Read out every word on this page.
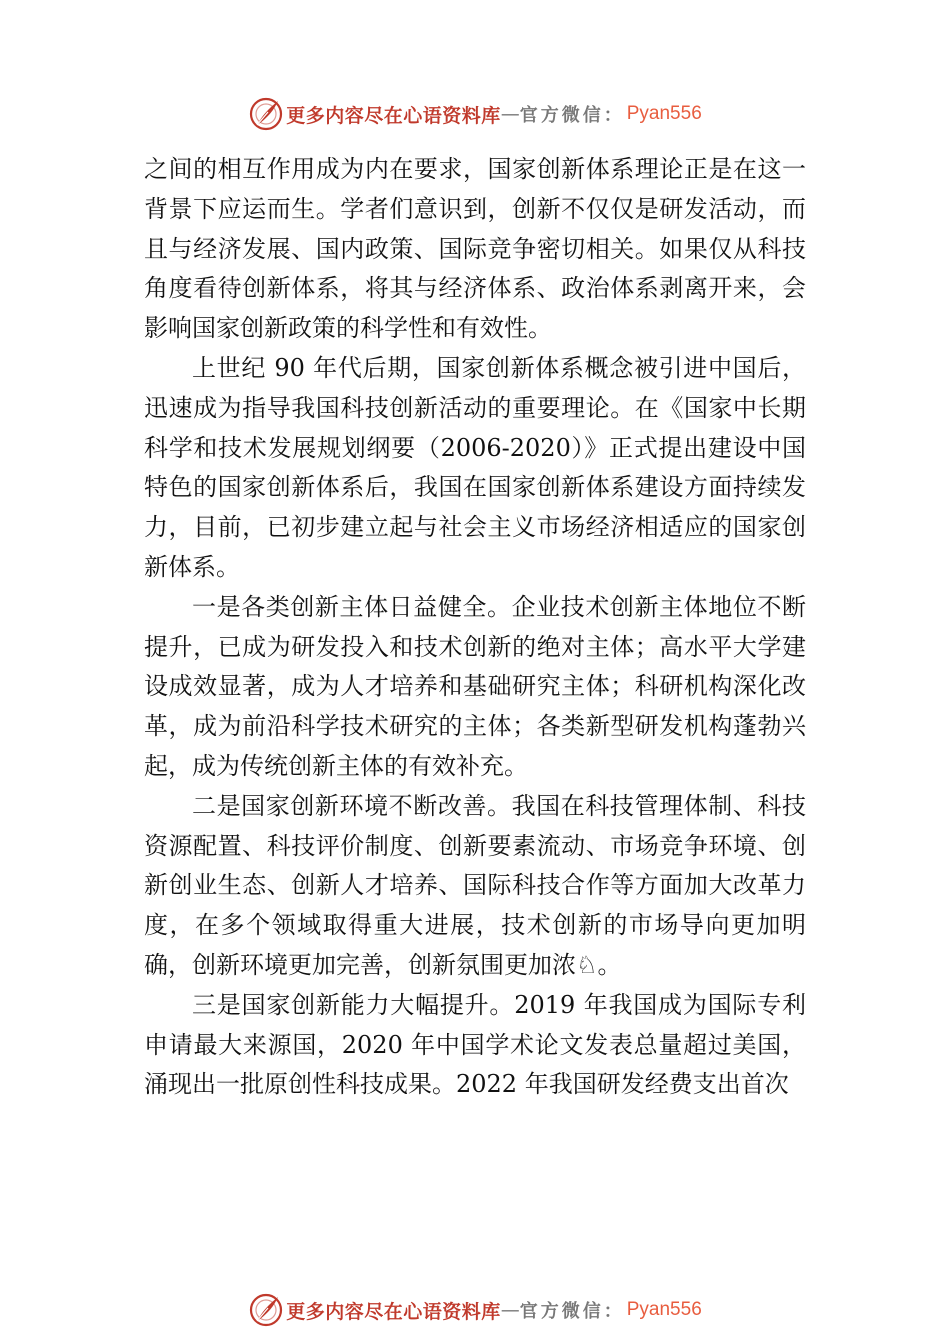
更多内容尽在心语资料库 — 官方微信： Pyan556

之间的相互作用成为内在要求，国家创新体系理论正是在这一背景下应运而生。学者们意识到，创新不仅仅是研发活动，而且与经济发展、国内政策、国际竞争密切相关。如果仅从科技角度看待创新体系，将其与经济体系、政治体系剥离开来，会影响国家创新政策的科学性和有效性。

上世纪 90 年代后期，国家创新体系概念被引进中国后，迅速成为指导我国科技创新活动的重要理论。在《国家中长期科学和技术发展规划纲要（2006-2020）》正式提出建设中国特色的国家创新体系后，我国在国家创新体系建设方面持续发力，目前，已初步建立起与社会主义市场经济相适应的国家创新体系。

一是各类创新主体日益健全。企业技术创新主体地位不断提升，已成为研发投入和技术创新的绝对主体；高水平大学建设成效显著，成为人才培养和基础研究主体；科研机构深化改革，成为前沿科学技术研究的主体；各类新型研发机构蓬勃兴起，成为传统创新主体的有效补充。

二是国家创新环境不断改善。我国在科技管理体制、科技资源配置、科技评价制度、创新要素流动、市场竞争环境、创新创业生态、创新人才培养、国际科技合作等方面加大改革力度，在多个领域取得重大进展，技术创新的市场导向更加明确，创新环境更加完善，创新氛围更加浓♘。

三是国家创新能力大幅提升。2019 年我国成为国际专利申请最大来源国，2020 年中国学术论文发表总量超过美国，涌现出一批原创性科技成果。2022 年我国研发经费支出首次

更多内容尽在心语资料库 — 官方微信： Pyan556
